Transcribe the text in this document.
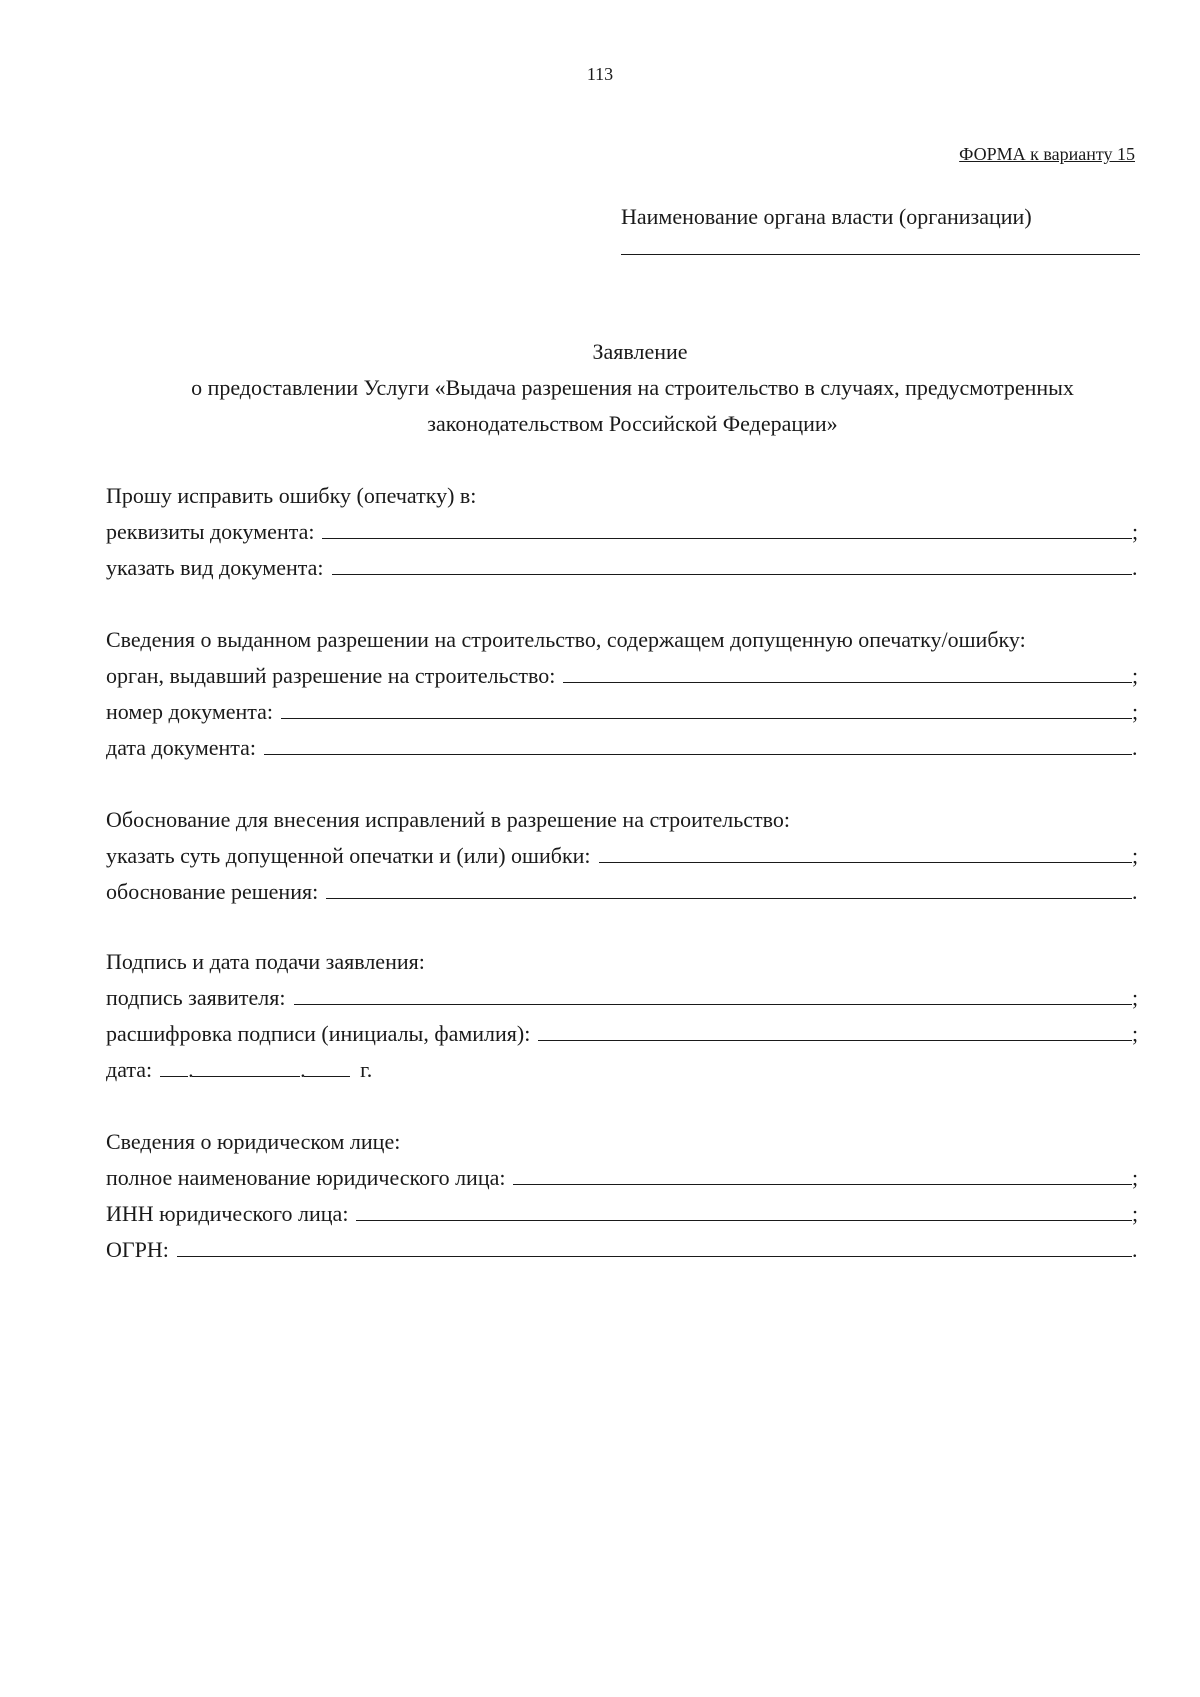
113
ФОРМА к варианту 15
Наименование органа власти (организации)
Заявление
о предоставлении Услуги «Выдача разрешения на строительство в случаях, предусмотренных
законодательством Российской Федерации»
Прошу исправить ошибку (опечатку) в:
реквизиты документа:	;
указать вид документа:	.
Сведения о выданном разрешении на строительство, содержащем допущенную опечатку/ошибку:
орган, выдавший разрешение на строительство:	;
номер документа:	;
дата документа:	.
Обоснование для внесения исправлений в разрешение на строительство:
указать суть допущенной опечатки и (или) ошибки:	;
обоснование решения:	.
Подпись и дата подачи заявления:
подпись заявителя:	;
расшифровка подписи (инициалы, фамилия):	;
дата: .	. г.
Сведения о юридическом лице:
полное наименование юридического лица:	;
ИНН юридического лица:	;
ОГРН:	.
